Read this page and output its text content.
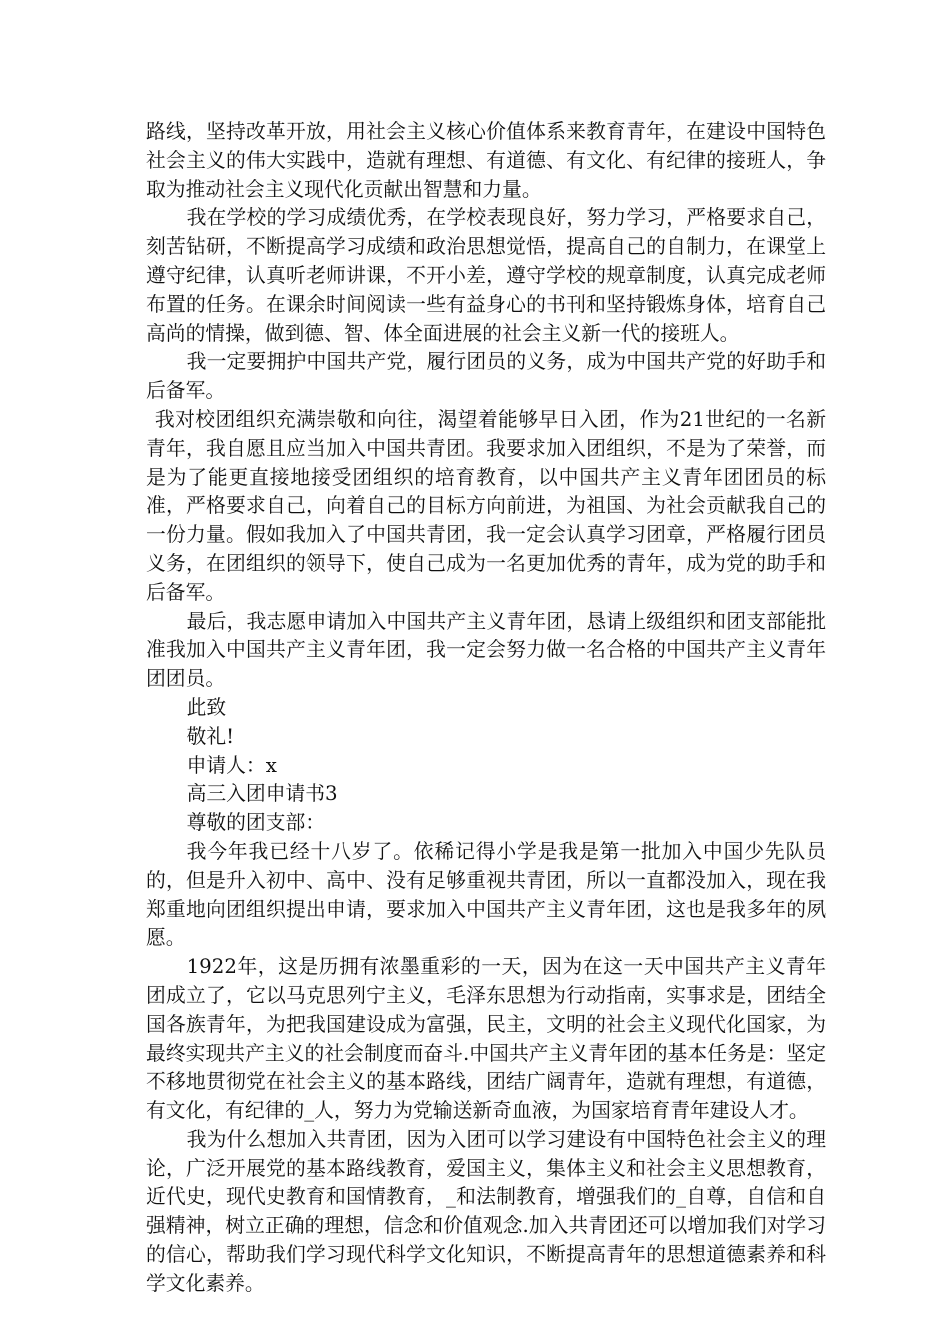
路线，坚持改革开放，用社会主义核心价值体系来教育青年，在建设中国特色社会主义的伟大实践中，造就有理想、有道德、有文化、有纪律的接班人，争取为推动社会主义现代化贡献出智慧和力量。

我在学校的学习成绩优秀，在学校表现良好，努力学习，严格要求自己，刻苦钻研，不断提高学习成绩和政治思想觉悟，提高自己的自制力，在课堂上遵守纪律，认真听老师讲课，不开小差，遵守学校的规章制度，认真完成老师布置的任务。在课余时间阅读一些有益身心的书刊和坚持锻炼身体，培育自己高尚的情操，做到德、智、体全面进展的社会主义新一代的接班人。

我一定要拥护中国共产党，履行团员的义务，成为中国共产党的好助手和后备军。

我对校团组织充满崇敬和向往，渴望着能够早日入团，作为21世纪的一名新青年，我自愿且应当加入中国共青团。我要求加入团组织，不是为了荣誉，而是为了能更直接地接受团组织的培育教育，以中国共产主义青年团团员的标准，严格要求自己，向着自己的目标方向前进，为祖国、为社会贡献我自己的一份力量。假如我加入了中国共青团，我一定会认真学习团章，严格履行团员义务，在团组织的领导下，使自己成为一名更加优秀的青年，成为党的助手和后备军。

最后，我志愿申请加入中国共产主义青年团，恳请上级组织和团支部能批准我加入中国共产主义青年团，我一定会努力做一名合格的中国共产主义青年团团员。

此致

敬礼!

申请人：x

高三入团申请书3

尊敬的团支部：

我今年我已经十八岁了。依稀记得小学是我是第一批加入中国少先队员的，但是升入初中、高中、没有足够重视共青团，所以一直都没加入，现在我郑重地向团组织提出申请，要求加入中国共产主义青年团，这也是我多年的夙愿。

1922年，这是历拥有浓墨重彩的一天，因为在这一天中国共产主义青年团成立了，它以马克思列宁主义，毛泽东思想为行动指南，实事求是，团结全国各族青年，为把我国建设成为富强，民主，文明的社会主义现代化国家，为最终实现共产主义的社会制度而奋斗.中国共产主义青年团的基本任务是：坚定不移地贯彻党在社会主义的基本路线，团结广阔青年，造就有理想，有道德，有文化，有纪律的_人，努力为党输送新奇血液，为国家培育青年建设人才。

我为什么想加入共青团，因为入团可以学习建设有中国特色社会主义的理论，广泛开展党的基本路线教育，爱国主义，集体主义和社会主义思想教育，近代史，现代史教育和国情教育，_和法制教育，增强我们的_自尊，自信和自强精神，树立正确的理想，信念和价值观念.加入共青团还可以增加我们对学习的信心，帮助我们学习现代科学文化知识，不断提高青年的思想道德素养和科学文化素养。
